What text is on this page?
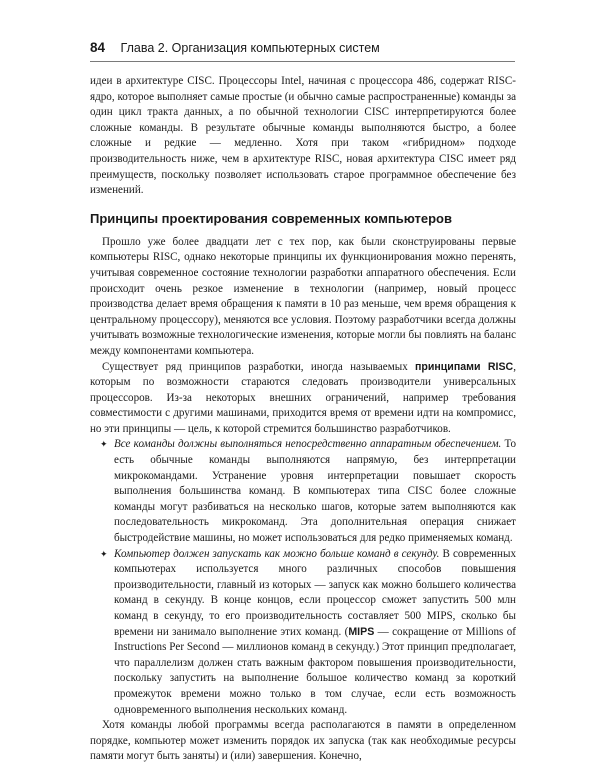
84 Глава 2. Организация компьютерных систем

идеи в архитектуре CISC. Процессоры Intel, начиная с процессора 486, содержат RISC-ядро, которое выполняет самые простые (и обычно самые распространенные) команды за один цикл тракта данных, а по обычной технологии CISC интерпретируются более сложные команды. В результате обычные команды выполняются быстро, а более сложные и редкие — медленно. Хотя при таком «гибридном» подходе производительность ниже, чем в архитектуре RISC, новая архитектура CISC имеет ряд преимуществ, поскольку позволяет использовать старое программное обеспечение без изменений.

Принципы проектирования современных компьютеров

Прошло уже более двадцати лет с тех пор, как были сконструированы первые компьютеры RISC, однако некоторые принципы их функционирования можно перенять, учитывая современное состояние технологии разработки аппаратного обеспечения. Если происходит очень резкое изменение в технологии (например, новый процесс производства делает время обращения к памяти в 10 раз меньше, чем время обращения к центральному процессору), меняются все условия. Поэтому разработчики всегда должны учитывать возможные технологические изменения, которые могли бы повлиять на баланс между компонентами компьютера.

Существует ряд принципов разработки, иногда называемых принципами RISC, которым по возможности стараются следовать производители универсальных процессоров. Из-за некоторых внешних ограничений, например требования совместимости с другими машинами, приходится время от времени идти на компромисс, но эти принципы — цель, к которой стремится большинство разработчиков.

✦ Все команды должны выполняться непосредственно аппаратным обеспечением. То есть обычные команды выполняются напрямую, без интерпретации микрокомандами. Устранение уровня интерпретации повышает скорость выполнения большинства команд. В компьютерах типа CISC более сложные команды могут разбиваться на несколько шагов, которые затем выполняются как последовательность микрокоманд. Эта дополнительная операция снижает быстродействие машины, но может использоваться для редко применяемых команд.
✦ Компьютер должен запускать как можно больше команд в секунду. В современных компьютерах используется много различных способов повышения производительности, главный из которых — запуск как можно большего количества команд в секунду. В конце концов, если процессор сможет запустить 500 млн команд в секунду, то его производительность составляет 500 MIPS, сколько бы времени ни занимало выполнение этих команд. (MIPS — сокращение от Millions of Instructions Per Second — миллионов команд в секунду.) Этот принцип предполагает, что параллелизм должен стать важным фактором повышения производительности, поскольку запустить на выполнение большое количество команд за короткий промежуток времени можно только в том случае, если есть возможность одновременного выполнения нескольких команд.

Хотя команды любой программы всегда располагаются в памяти в определенном порядке, компьютер может изменить порядок их запуска (так как необходимые ресурсы памяти могут быть заняты) и (или) завершения. Конечно,
